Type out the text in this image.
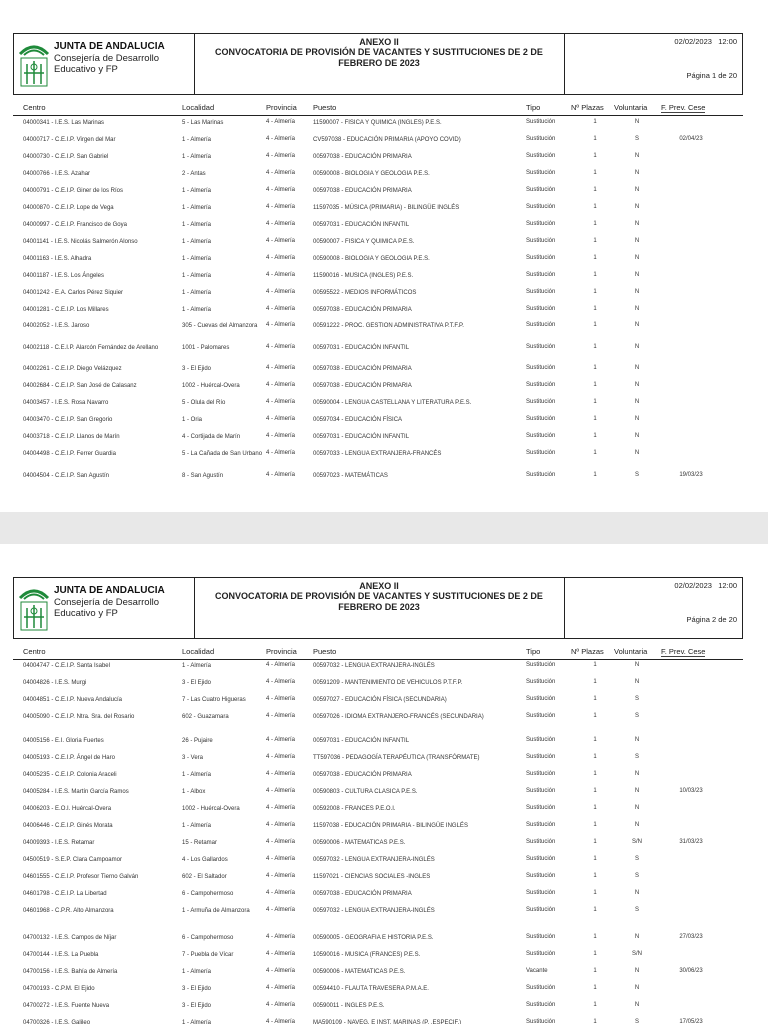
JUNTA DE ANDALUCIA
Consejería de Desarrollo Educativo y FP
ANEXO II
CONVOCATORIA DE PROVISIÓN DE VACANTES Y SUSTITUCIONES DE 2 DE FEBRERO DE 2023
02/02/2023 12:00
Página 1 de 20
Centro	Localidad	Provincia Puesto	Tipo	Nº Plazas Voluntaria F. Prev. Cese
04000341 - I.E.S. Las Marinas	5 - Las Marinas	4 - Almería	11590007 - FISICA Y QUIMICA (INGLES) P.E.S.	Sustitución	1	N
04000717 - C.E.I.P. Virgen del Mar	1 - Almería	4 - Almería	CV597038 - EDUCACIÓN PRIMARIA (APOYO COVID)	Sustitución	1	S	02/04/23
04000730 - C.E.I.P. San Gabriel	1 - Almería	4 - Almería	00597038 - EDUCACIÓN PRIMARIA	Sustitución	1	N
04000766 - I.E.S. Azahar	2 - Antas	4 - Almería	00590008 - BIOLOGIA Y GEOLOGIA P.E.S.	Sustitución	1	N
04000791 - C.E.I.P. Giner de los Ríos	1 - Almería	4 - Almería	00597038 - EDUCACIÓN PRIMARIA	Sustitución	1	N
04000870 - C.E.I.P. Lope de Vega	1 - Almería	4 - Almería	11597035 - MÚSICA (PRIMARIA) - BILINGÜE INGLÉS	Sustitución	1	N
04000997 - C.E.I.P. Francisco de Goya	1 - Almería	4 - Almería	00597031 - EDUCACIÓN INFANTIL	Sustitución	1	N
04001141 - I.E.S. Nicolás Salmerón Alonso	1 - Almería	4 - Almería	00590007 - FISICA Y QUIMICA P.E.S.	Sustitución	1	N
04001163 - I.E.S. Alhadra	1 - Almería	4 - Almería	00590008 - BIOLOGIA Y GEOLOGIA P.E.S.	Sustitución	1	N
04001187 - I.E.S. Los Ángeles	1 - Almería	4 - Almería	11590016 - MUSICA (INGLES) P.E.S.	Sustitución	1	N
04001242 - E.A. Carlos Pérez Siquier	1 - Almería	4 - Almería	00595522 - MEDIOS INFORMÁTICOS	Sustitución	1	N
04001281 - C.E.I.P. Los Millares	1 - Almería	4 - Almería	00597038 - EDUCACIÓN PRIMARIA	Sustitución	1	N
04002052 - I.E.S. Jaroso	305 - Cuevas del Almanzora	4 - Almería	00591222 - PROC. GESTION ADMINISTRATIVA P.T.F.P.	Sustitución	1	N
04002118 - C.E.I.P. Alarcón Fernández de Arellano	1001 - Palomares	4 - Almería	00597031 - EDUCACIÓN INFANTIL	Sustitución	1	N
04002261 - C.E.I.P. Diego Velázquez	3 - El Ejido	4 - Almería	00597038 - EDUCACIÓN PRIMARIA	Sustitución	1	N
04002684 - C.E.I.P. San José de Calasanz	1002 - Huércal-Overa	4 - Almería	00597038 - EDUCACIÓN PRIMARIA	Sustitución	1	N
04003457 - I.E.S. Rosa Navarro	5 - Olula del Río	4 - Almería	00590004 - LENGUA CASTELLANA Y LITERATURA P.E.S.	Sustitución	1	N
04003470 - C.E.I.P. San Gregorio	1 - Oria	4 - Almería	00597034 - EDUCACIÓN FÍSICA	Sustitución	1	N
04003718 - C.E.I.P. Llanos de Marín	4 - Cortijada de Marín	4 - Almería	00597031 - EDUCACIÓN INFANTIL	Sustitución	1	N
04004498 - C.E.I.P. Ferrer Guardia	5 - La Cañada de San Urbano 4 - Almería	00597033 - LENGUA EXTRANJERA-FRANCÉS	Sustitución	1	N
04004504 - C.E.I.P. San Agustín	8 - San Agustín	4 - Almería	00597023 - MATEMÁTICAS	Sustitución	1	S	19/03/23
JUNTA DE ANDALUCIA
Consejería de Desarrollo Educativo y FP
ANEXO II
CONVOCATORIA DE PROVISIÓN DE VACANTES Y SUSTITUCIONES DE 2 DE FEBRERO DE 2023
02/02/2023 12:00
Página 2 de 20
Centro	Localidad	Provincia Puesto	Tipo	Nº Plazas Voluntaria F. Prev. Cese
04004747 - C.E.I.P. Santa Isabel	1 - Almería	4 - Almería	00597032 - LENGUA EXTRANJERA-INGLÉS	Sustitución	1	N
04004826 - I.E.S. Murgi	3 - El Ejido	4 - Almería	00591209 - MANTENIMIENTO DE VEHICULOS P.T.F.P.	Sustitución	1	N
04004851 - C.E.I.P. Nueva Andalucía	7 - Las Cuatro Higueras	4 - Almería	00597027 - EDUCACIÓN FÍSICA (SECUNDARIA)	Sustitución	1	S
04005090 - C.E.I.P. Ntra. Sra. del Rosario	602 - Guazamara	4 - Almería	00597026 - IDIOMA EXTRANJERO-FRANCÉS (SECUNDARIA)	Sustitución	1	S
04005156 - E.I. Gloria Fuertes	26 - Pujaire	4 - Almería	00597031 - EDUCACIÓN INFANTIL	Sustitución	1	N
04005193 - C.E.I.P. Ángel de Haro	3 - Vera	4 - Almería	TT597036 - PEDAGOGÍA TERAPÉUTICA (TRANSFÓRMATE)	Sustitución	1	S
04005235 - C.E.I.P. Colonia Araceli	1 - Almería	4 - Almería	00597038 - EDUCACIÓN PRIMARIA	Sustitución	1	N
04005284 - I.E.S. Martín García Ramos	1 - Albox	4 - Almería	00590803 - CULTURA CLASICA P.E.S.	Sustitución	1	N	10/03/23
04006203 - E.O.I. Huércal-Overa	1002 - Huércal-Overa	4 - Almería	00592008 - FRANCES P.E.O.I.	Sustitución	1	N
04006446 - C.E.I.P. Ginés Morata	1 - Almería	4 - Almería	11597038 - EDUCACIÓN PRIMARIA - BILINGÜE INGLÉS	Sustitución	1	N
04009393 - I.E.S. Retamar	15 - Retamar	4 - Almería	00590006 - MATEMATICAS P.E.S.	Sustitución	1	S/N	31/03/23
04500519 - S.E.P. Clara Campoamor	4 - Los Gallardos	4 - Almería	00597032 - LENGUA EXTRANJERA-INGLÉS	Sustitución	1	S
04601555 - C.E.I.P. Profesor Tierno Galván	602 - El Saltador	4 - Almería	11597021 - CIENCIAS SOCIALES -INGLES	Sustitución	1	S
04601798 - C.E.I.P. La Libertad	6 - Campohermoso	4 - Almería	00597038 - EDUCACIÓN PRIMARIA	Sustitución	1	N
04601968 - C.P.R. Alto Almanzora	1 - Armuña de Almanzora	4 - Almería	00597032 - LENGUA EXTRANJERA-INGLÉS	Sustitución	1	S
04700132 - I.E.S. Campos de Níjar	6 - Campohermoso	4 - Almería	00590005 - GEOGRAFIA E HISTORIA P.E.S.	Sustitución	1	N	27/03/23
04700144 - I.E.S. La Puebla	7 - Puebla de Vícar	4 - Almería	10590016 - MUSICA (FRANCES) P.E.S.	Sustitución	1	S/N
04700156 - I.E.S. Bahía de Almería	1 - Almería	4 - Almería	00590006 - MATEMATICAS P.E.S.	Vacante	1	N	30/06/23
04700193 - C.P.M. El Ejido	3 - El Ejido	4 - Almería	00594410 - FLAUTA TRAVESERA P.M.A.E.	Sustitución	1	N
04700272 - I.E.S. Fuente Nueva	3 - El Ejido	4 - Almería	00590011 - INGLES P.E.S.	Sustitución	1	N
04700326 - I.E.S. Galileo	1 - Almería	4 - Almería	MA590109 - NAVEG. E INST. MARINAS (P. .ESPECIF.)	Sustitución	1	S	17/05/23
